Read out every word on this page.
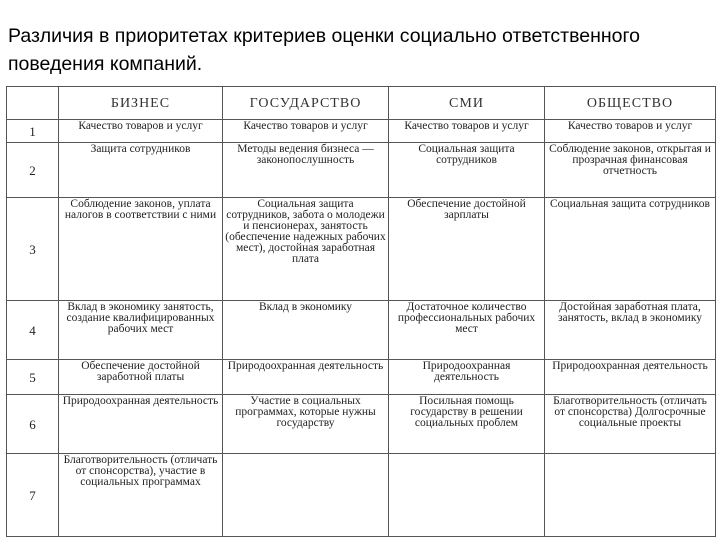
Различия в приоритетах критериев оценки социально ответственного поведения компаний.
	БИЗНЕС	ГОСУДАРСТВО	СМИ	ОБЩЕСТВО
1	Качество товаров и услуг	Качество товаров и услуг	Качество товаров и услуг	Качество товаров и услуг
2	Защита сотрудников	Методы ведения бизнеса — законопослушность	Социальная защита сотрудников	Соблюдение законов, открытая и прозрачная финансовая отчетность
3	Соблюдение законов, уплата налогов в соответствии с ними	Социальная защита сотрудников, забота о молодежи и пенсионерах, занятость (обеспечение надежных рабочих мест), достойная заработная плата	Обеспечение достойной зарплаты	Социальная защита сотрудников
4	Вклад в экономику занятость, создание квалифицированных рабочих мест	Вклад в экономику	Достаточное количество профессиональных рабочих мест	Достойная заработная плата, занятость, вклад в экономику
5	Обеспечение достойной заработной платы	Природоохранная деятельность	Природоохранная деятельность	Природоохранная деятельность
6	Природоохранная деятельность	Участие в социальных программах, которые нужны государству	Посильная помощь государству в решении социальных проблем	Благотворительность (отличать от спонсорства) Долгосрочные социальные проекты
7	Благотворительность (отличать от спонсорства), участие в социальных программах			
